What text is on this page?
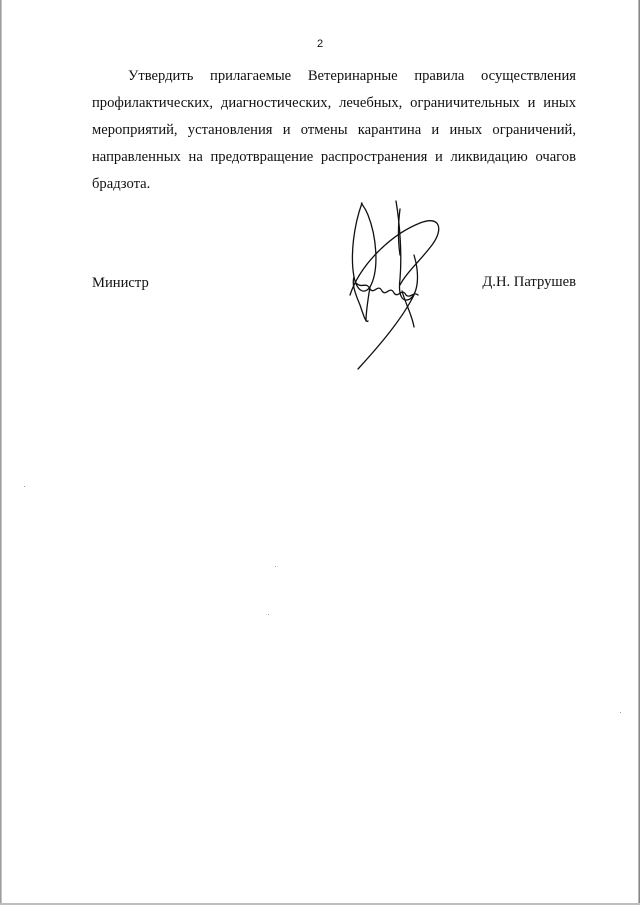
2
Утвердить прилагаемые Ветеринарные правила осуществления
профилактических, диагностических, лечебных, ограничительных и иных
мероприятий, установления и отмены карантина и иных ограничений,
направленных на предотвращение распространения и ликвидацию очагов
брадзота.
Министр	Д.Н. Патрушев
